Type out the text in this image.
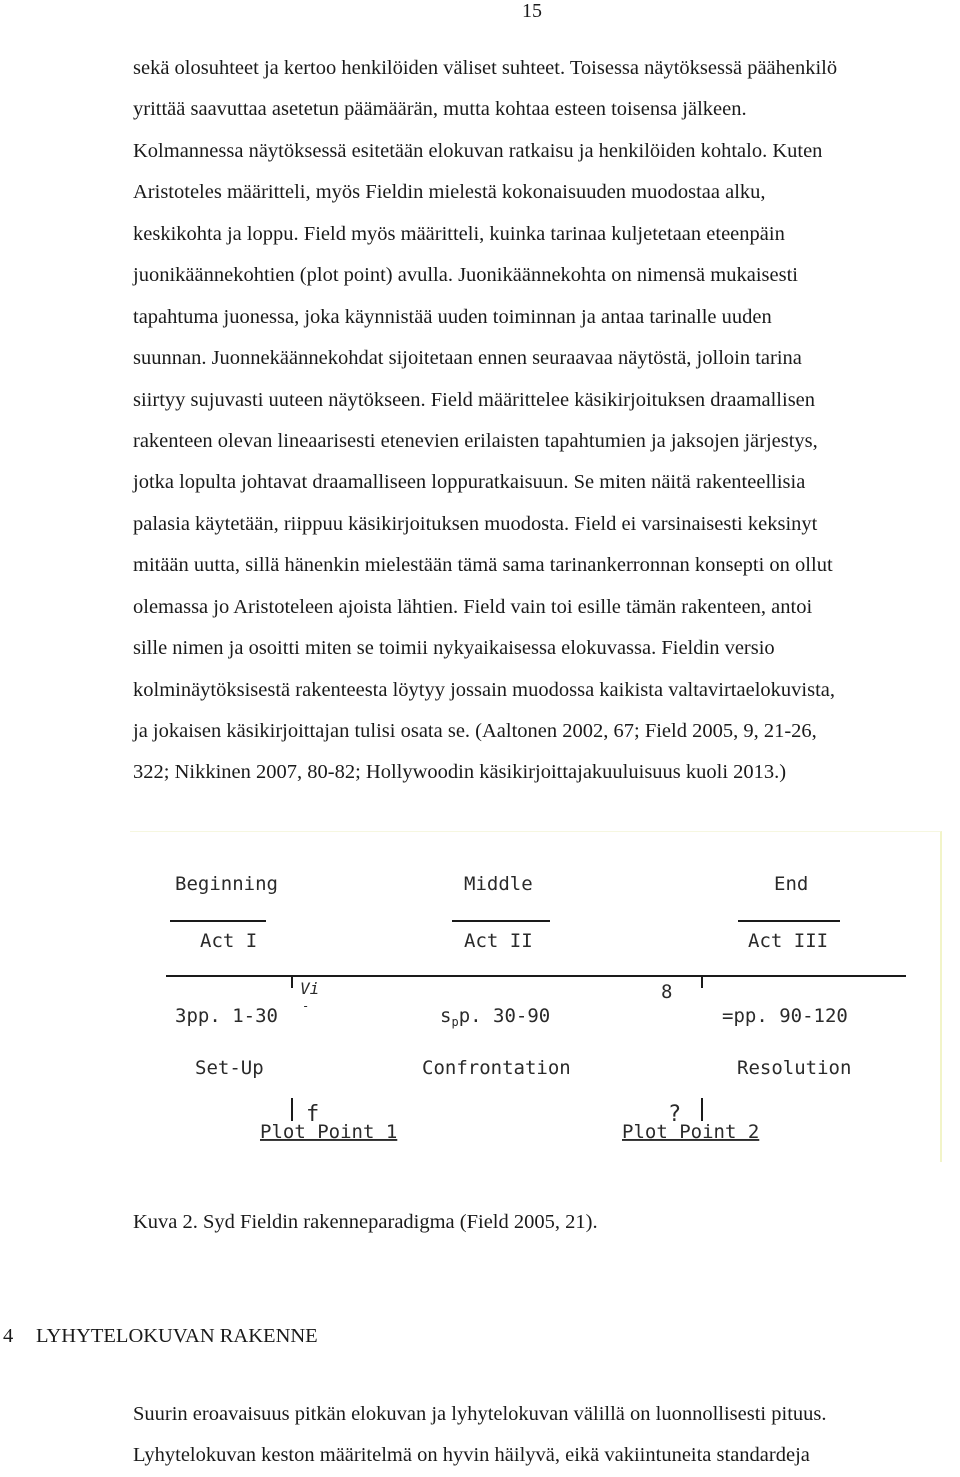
15
sekä olosuhteet ja kertoo henkilöiden väliset suhteet. Toisessa näytöksessä päähenkilö
yrittää saavuttaa asetetun päämäärän, mutta kohtaa esteen toisensa jälkeen.
Kolmannessa näytöksessä esitetään elokuvan ratkaisu ja henkilöiden kohtalo. Kuten
Aristoteles määritteli, myös Fieldin mielestä kokonaisuuden muodostaa alku,
keskikohta ja loppu. Field myös määritteli, kuinka tarinaa kuljetetaan eteenpäin
juonikäännekohtien (plot point) avulla. Juonikäännekohta on nimensä mukaisesti
tapahtuma juonessa, joka käynnistää uuden toiminnan ja antaa tarinalle uuden
suunnan. Juonnekäännekohdat sijoitetaan ennen seuraavaa näytöstä, jolloin tarina
siirtyy sujuvasti uuteen näytökseen. Field määrittelee käsikirjoituksen draamallisen
rakenteen olevan lineaarisesti etenevien erilaisten tapahtumien ja jaksojen järjestys,
jotka lopulta johtavat draamalliseen loppuratkaisuun. Se miten näitä rakenteellisia
palasia käytetään, riippuu käsikirjoituksen muodosta. Field ei varsinaisesti keksinyt
mitään uutta, sillä hänenkin mielestään tämä sama tarinankerronnan konsepti on ollut
olemassa jo Aristoteleen ajoista lähtien. Field vain toi esille tämän rakenteen, antoi
sille nimen ja osoitti miten se toimii nykyaikaisessa elokuvassa. Fieldin versio
kolminäytöksisestä rakenteesta löytyy jossain muodossa kaikista valtavirtaelokuvista,
ja jokaisen käsikirjoittajan tulisi osata se. (Aaltonen 2002, 67; Field 2005, 9, 21-26,
322; Nikkinen 2007, 80-82; Hollywoodin käsikirjoittajakuuluisuus kuoli 2013.)
Beginning	Middle	End
Act I	Act II	Act III
Vi
-
8
3pp. 1-30	$s_pp$. 30-90	=pp. 90-120
Set-Up	Confrontation	Resolution
f	?
Plot Point 1	Plot Point 2

Kuva 2. Syd Fieldin rakenneparadigma (Field 2005, 21).

4 LYHYTELOKUVAN RAKENNE
Suurin eroavaisuus pitkän elokuvan ja lyhytelokuvan välillä on luonnollisesti pituus.
Lyhytelokuvan keston määritelmä on hyvin häilyvä, eikä vakiintuneita standardeja
